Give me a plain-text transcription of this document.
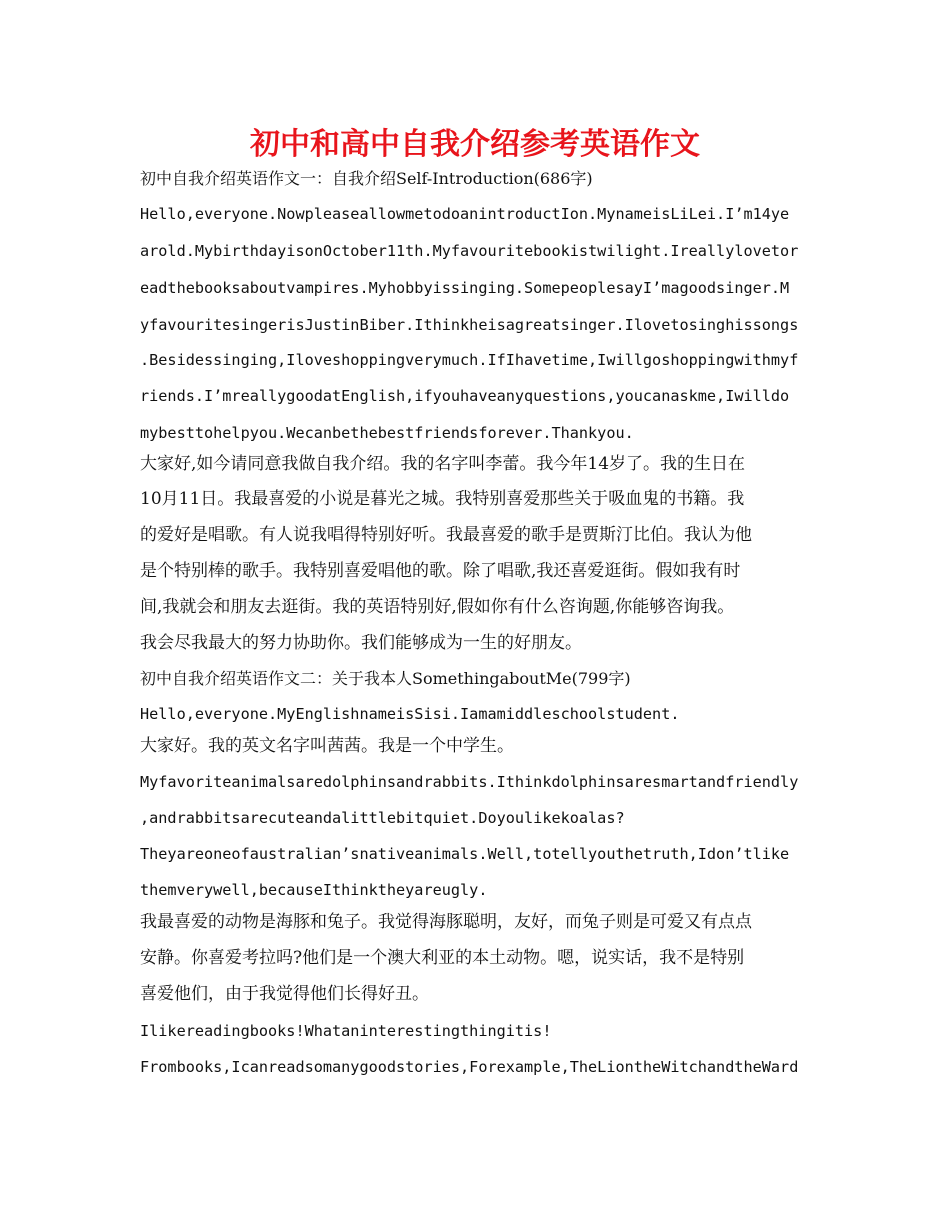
初中和高中自我介绍参考英语作文

初中自我介绍英语作文一：自我介绍Self-Introduction(686字)

Hello,everyone.NowpleaseallowmetodoanintroductIon.MynameisLiLei.I’m14ye

arold.MybirthdayisonOctober11th.Myfavouritebookistwilight.Ireallylovetor

eadthebooksaboutvampires.Myhobbyissinging.SomepeoplesayI’magoodsinger.M

yfavouritesingerisJustinBiber.Ithinkheisagreatsinger.Ilovetosinghissongs

.Besidessinging,Iloveshoppingverymuch.IfIhavetime,Iwillgoshoppingwithmyf

riends.I’mreallygoodatEnglish,ifyouhaveanyquestions,youcanaskme,Iwilldo

mybesttohelpyou.Wecanbethebestfriendsforever.Thankyou.

大家好,如今请同意我做自我介绍。我的名字叫李蕾。我今年14岁了。我的生日在

10月11日。我最喜爱的小说是暮光之城。我特别喜爱那些关于吸血鬼的书籍。我

的爱好是唱歌。有人说我唱得特别好听。我最喜爱的歌手是贾斯汀比伯。我认为他

是个特别棒的歌手。我特别喜爱唱他的歌。除了唱歌,我还喜爱逛街。假如我有时

间,我就会和朋友去逛街。我的英语特别好,假如你有什么咨询题,你能够咨询我。

我会尽我最大的努力协助你。我们能够成为一生的好朋友。

初中自我介绍英语作文二：关于我本人SomethingaboutMe(799字)

Hello,everyone.MyEnglishnameisSisi.Iamamiddleschoolstudent.

大家好。我的英文名字叫茜茜。我是一个中学生。

Myfavoriteanimalsaredolphinsandrabbits.Ithinkdolphinsaresmartandfriendly

,andrabbitsarecuteandalittlebitquiet.Doyoulikekoalas?

Theyareoneofaustralian’snativeanimals.Well,totellyouthetruth,Idon’tlike

themverywell,becauseIthinktheyareugly.

我最喜爱的动物是海豚和兔子。我觉得海豚聪明，友好，而兔子则是可爱又有点点

安静。你喜爱考拉吗?他们是一个澳大利亚的本土动物。嗯，说实话，我不是特别

喜爱他们，由于我觉得他们长得好丑。

Ilikereadingbooks!Whataninterestingthingitis!

Frombooks,Icanreadsomanygoodstories,Forexample,TheLiontheWitchandtheWard
